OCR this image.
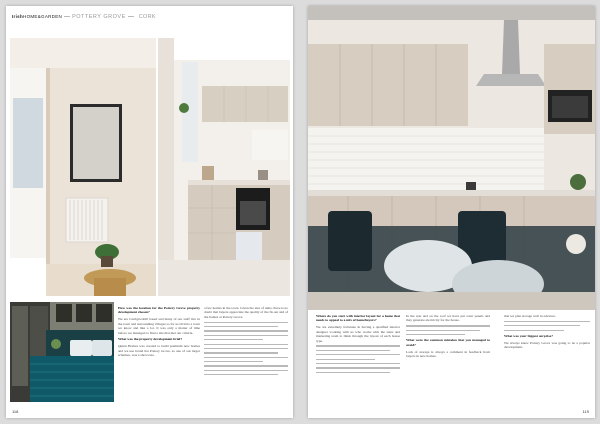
IrishHOME&GARDEN POTTERY GROVE CORK

How was the location for the Pottery Grove property development chosen?

We are Carrigtwohill based and many of our staff live in the town and surrounding villages so for us Ovid is a town we know and like a lot. It was only a matter of time before we managed to find a site that met our criteria.

What was the property development brief?

Quinn Homes was created to build premium new homes and we use brand Ku Pottery Grove, as one of our larger schemes, was a showcase.

a few homes in the town. Given the size of units, there is no doubt that buyers appreciate the quality of the fit-out and of the homes at Pottery Grove.

118

Where do you start with interior layout for a home that needs to appeal to a mix of homebuyers?

We are extremely fortunate in having a qualified interior designer working with us who works with the sales and marketing team to think through the layout of each house type.

In the rear and on the roof we have put solar panels and they generate electricity for the house.

What were the common mistakes that you managed to avoid?

Lack of storage is always a comment in feedback from buyers in new homes.

that we plan storage well in advance.

What was your biggest surprise?

We always knew Pottery Grove was going to be a popular development.

119
